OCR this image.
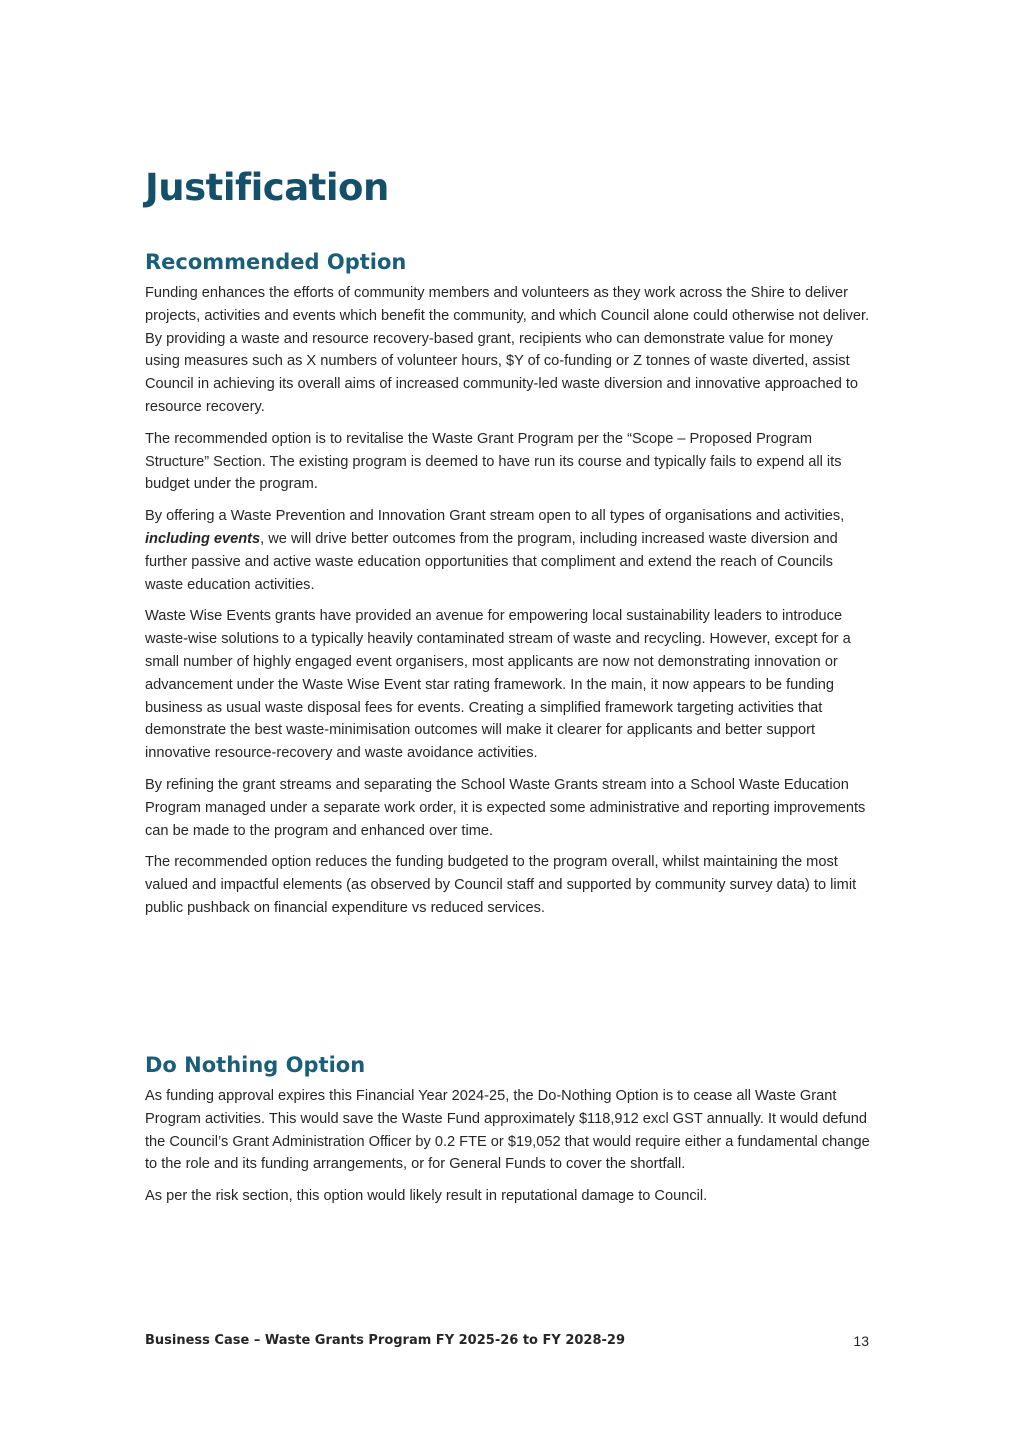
Justification
Recommended Option

Funding enhances the efforts of community members and volunteers as they work across the Shire to deliver projects, activities and events which benefit the community, and which Council alone could otherwise not deliver. By providing a waste and resource recovery-based grant, recipients who can demonstrate value for money using measures such as X numbers of volunteer hours, $Y of co-funding or Z tonnes of waste diverted, assist Council in achieving its overall aims of increased community-led waste diversion and innovative approached to resource recovery.

The recommended option is to revitalise the Waste Grant Program per the “Scope – Proposed Program Structure” Section. The existing program is deemed to have run its course and typically fails to expend all its budget under the program.

By offering a Waste Prevention and Innovation Grant stream open to all types of organisations and activities, including events, we will drive better outcomes from the program, including increased waste diversion and further passive and active waste education opportunities that compliment and extend the reach of Councils waste education activities.

Waste Wise Events grants have provided an avenue for empowering local sustainability leaders to introduce waste-wise solutions to a typically heavily contaminated stream of waste and recycling. However, except for a small number of highly engaged event organisers, most applicants are now not demonstrating innovation or advancement under the Waste Wise Event star rating framework. In the main, it now appears to be funding business as usual waste disposal fees for events. Creating a simplified framework targeting activities that demonstrate the best waste-minimisation outcomes will make it clearer for applicants and better support innovative resource-recovery and waste avoidance activities.

By refining the grant streams and separating the School Waste Grants stream into a School Waste Education Program managed under a separate work order, it is expected some administrative and reporting improvements can be made to the program and enhanced over time.

The recommended option reduces the funding budgeted to the program overall, whilst maintaining the most valued and impactful elements (as observed by Council staff and supported by community survey data) to limit public pushback on financial expenditure vs reduced services.

Do Nothing Option

As funding approval expires this Financial Year 2024-25, the Do-Nothing Option is to cease all Waste Grant Program activities. This would save the Waste Fund approximately $118,912 excl GST annually. It would defund the Council’s Grant Administration Officer by 0.2 FTE or $19,052 that would require either a fundamental change to the role and its funding arrangements, or for General Funds to cover the shortfall.

As per the risk section, this option would likely result in reputational damage to Council.

Business Case – Waste Grants Program FY 2025-26 to FY 2028-29	13
